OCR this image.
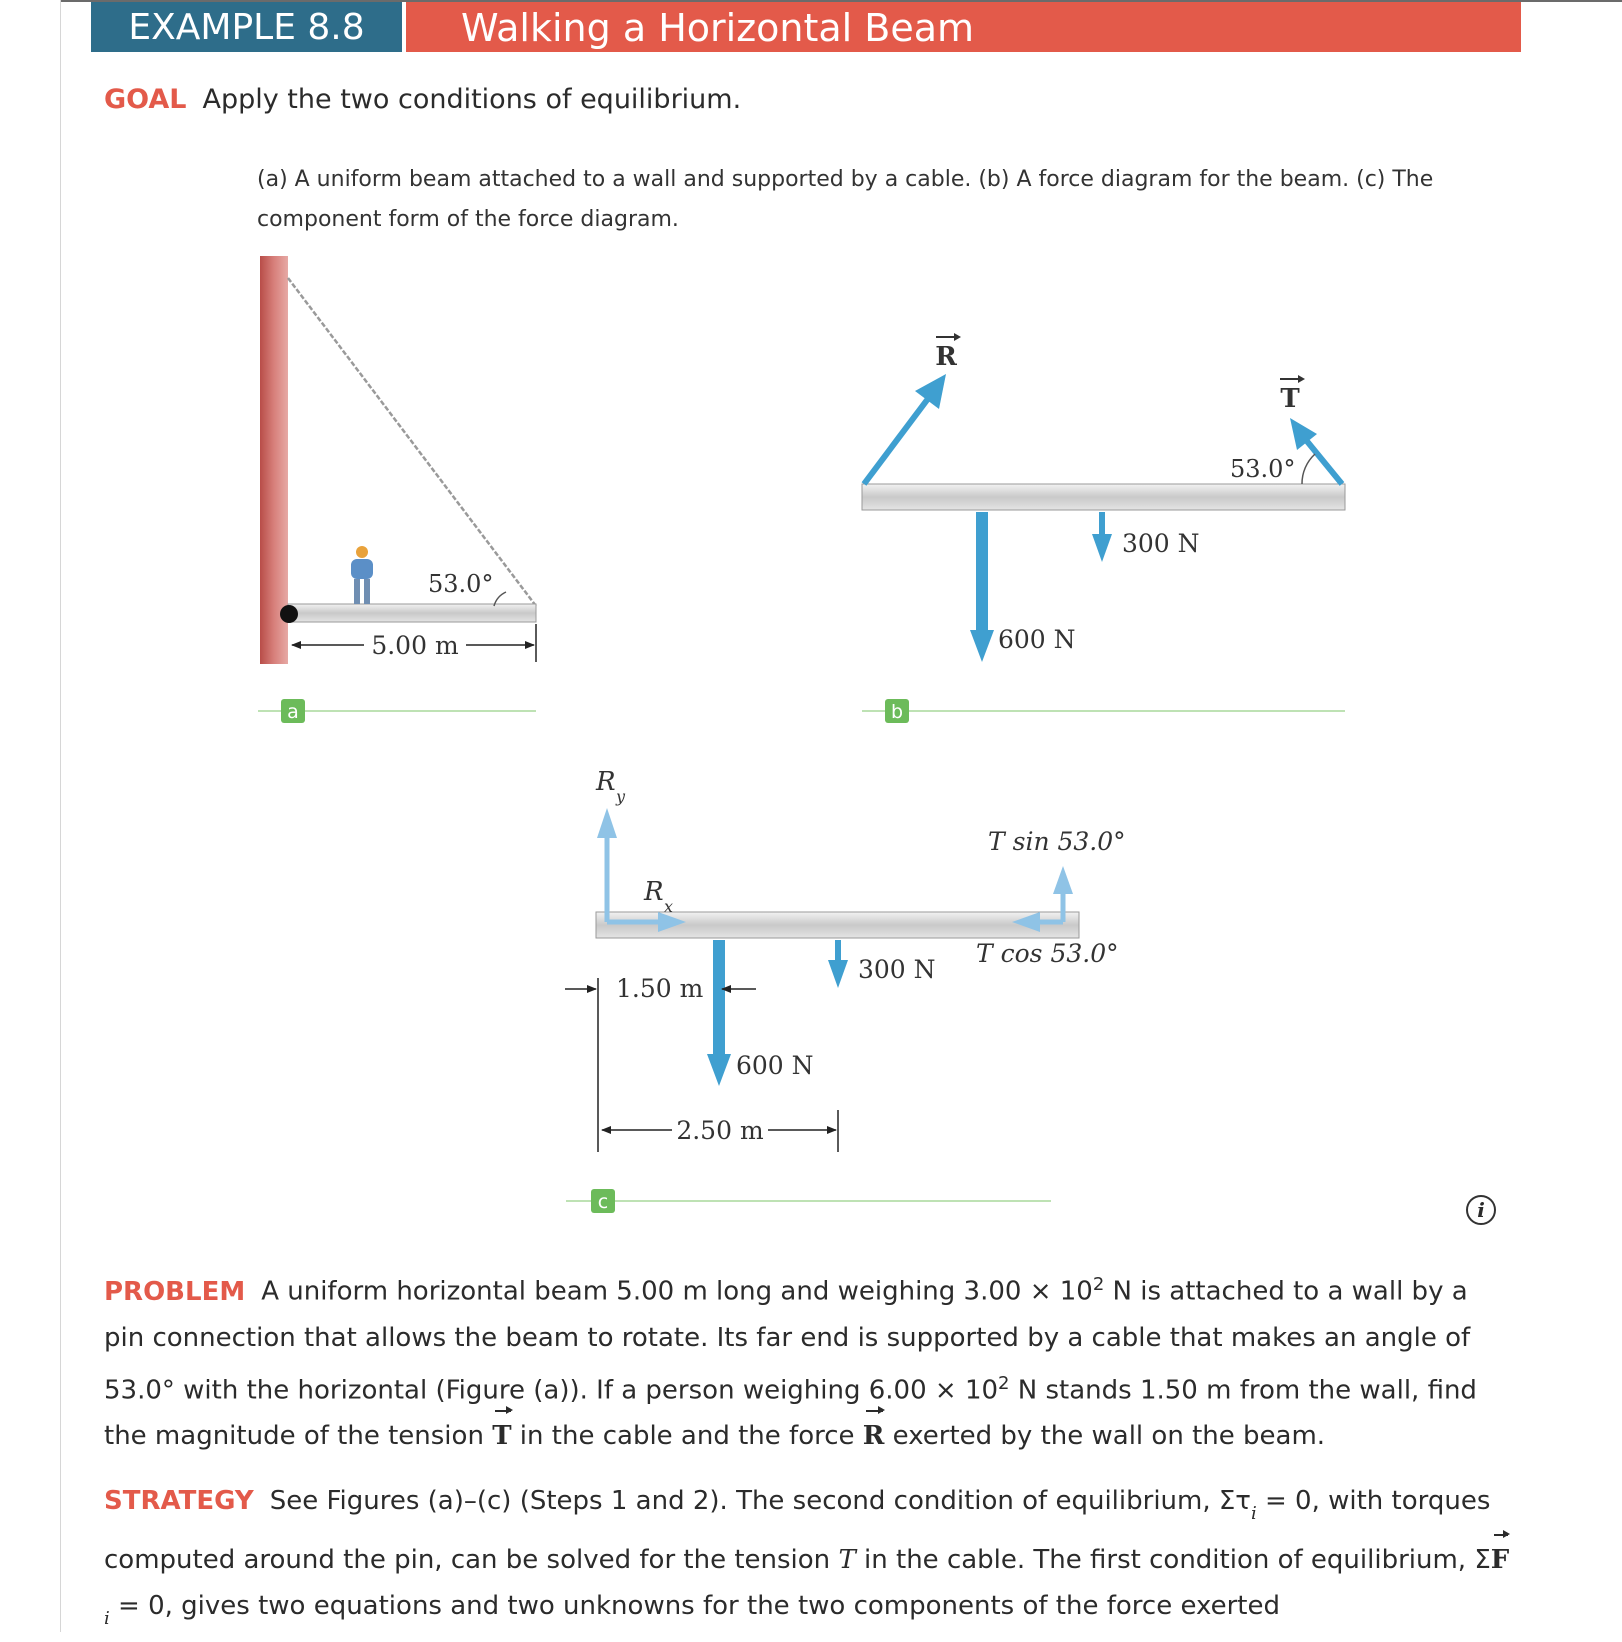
EXAMPLE 8.8	Walking a Horizontal Beam
GOAL Apply the two conditions of equilibrium.
(a) A uniform beam attached to a wall and supported by a cable. (b) A force diagram for the beam. (c) The component form of the force diagram.
53.0°
5.00 m
a
R
T
53.0°
600 N
300 N
b
R y
R x
T sin 53.0°
T cos 53.0°
600 N
300 N
1.50 m
2.50 m
c	i
PROBLEM A uniform horizontal beam 5.00 m long and weighing $3.00 \times 10^2$ N is attached to a wall by a pin connection that allows the beam to rotate. Its far end is supported by a cable that makes an angle of 53.0° with the horizontal (Figure (a)). If a person weighing $6.00 \times 10^2$ N stands 1.50 m from the wall, find the magnitude of the tension T in the cable and the force R exerted by the wall on the beam.
STRATEGY See Figures (a)–(c) (Steps 1 and 2). The second condition of equilibrium, $\Sigma\tau_i = 0$, with torques computed around the pin, can be solved for the tension T in the cable. The first condition of equilibrium, $\Sigma F_i = 0$, gives two equations and two unknowns for the two components of the force exerted
